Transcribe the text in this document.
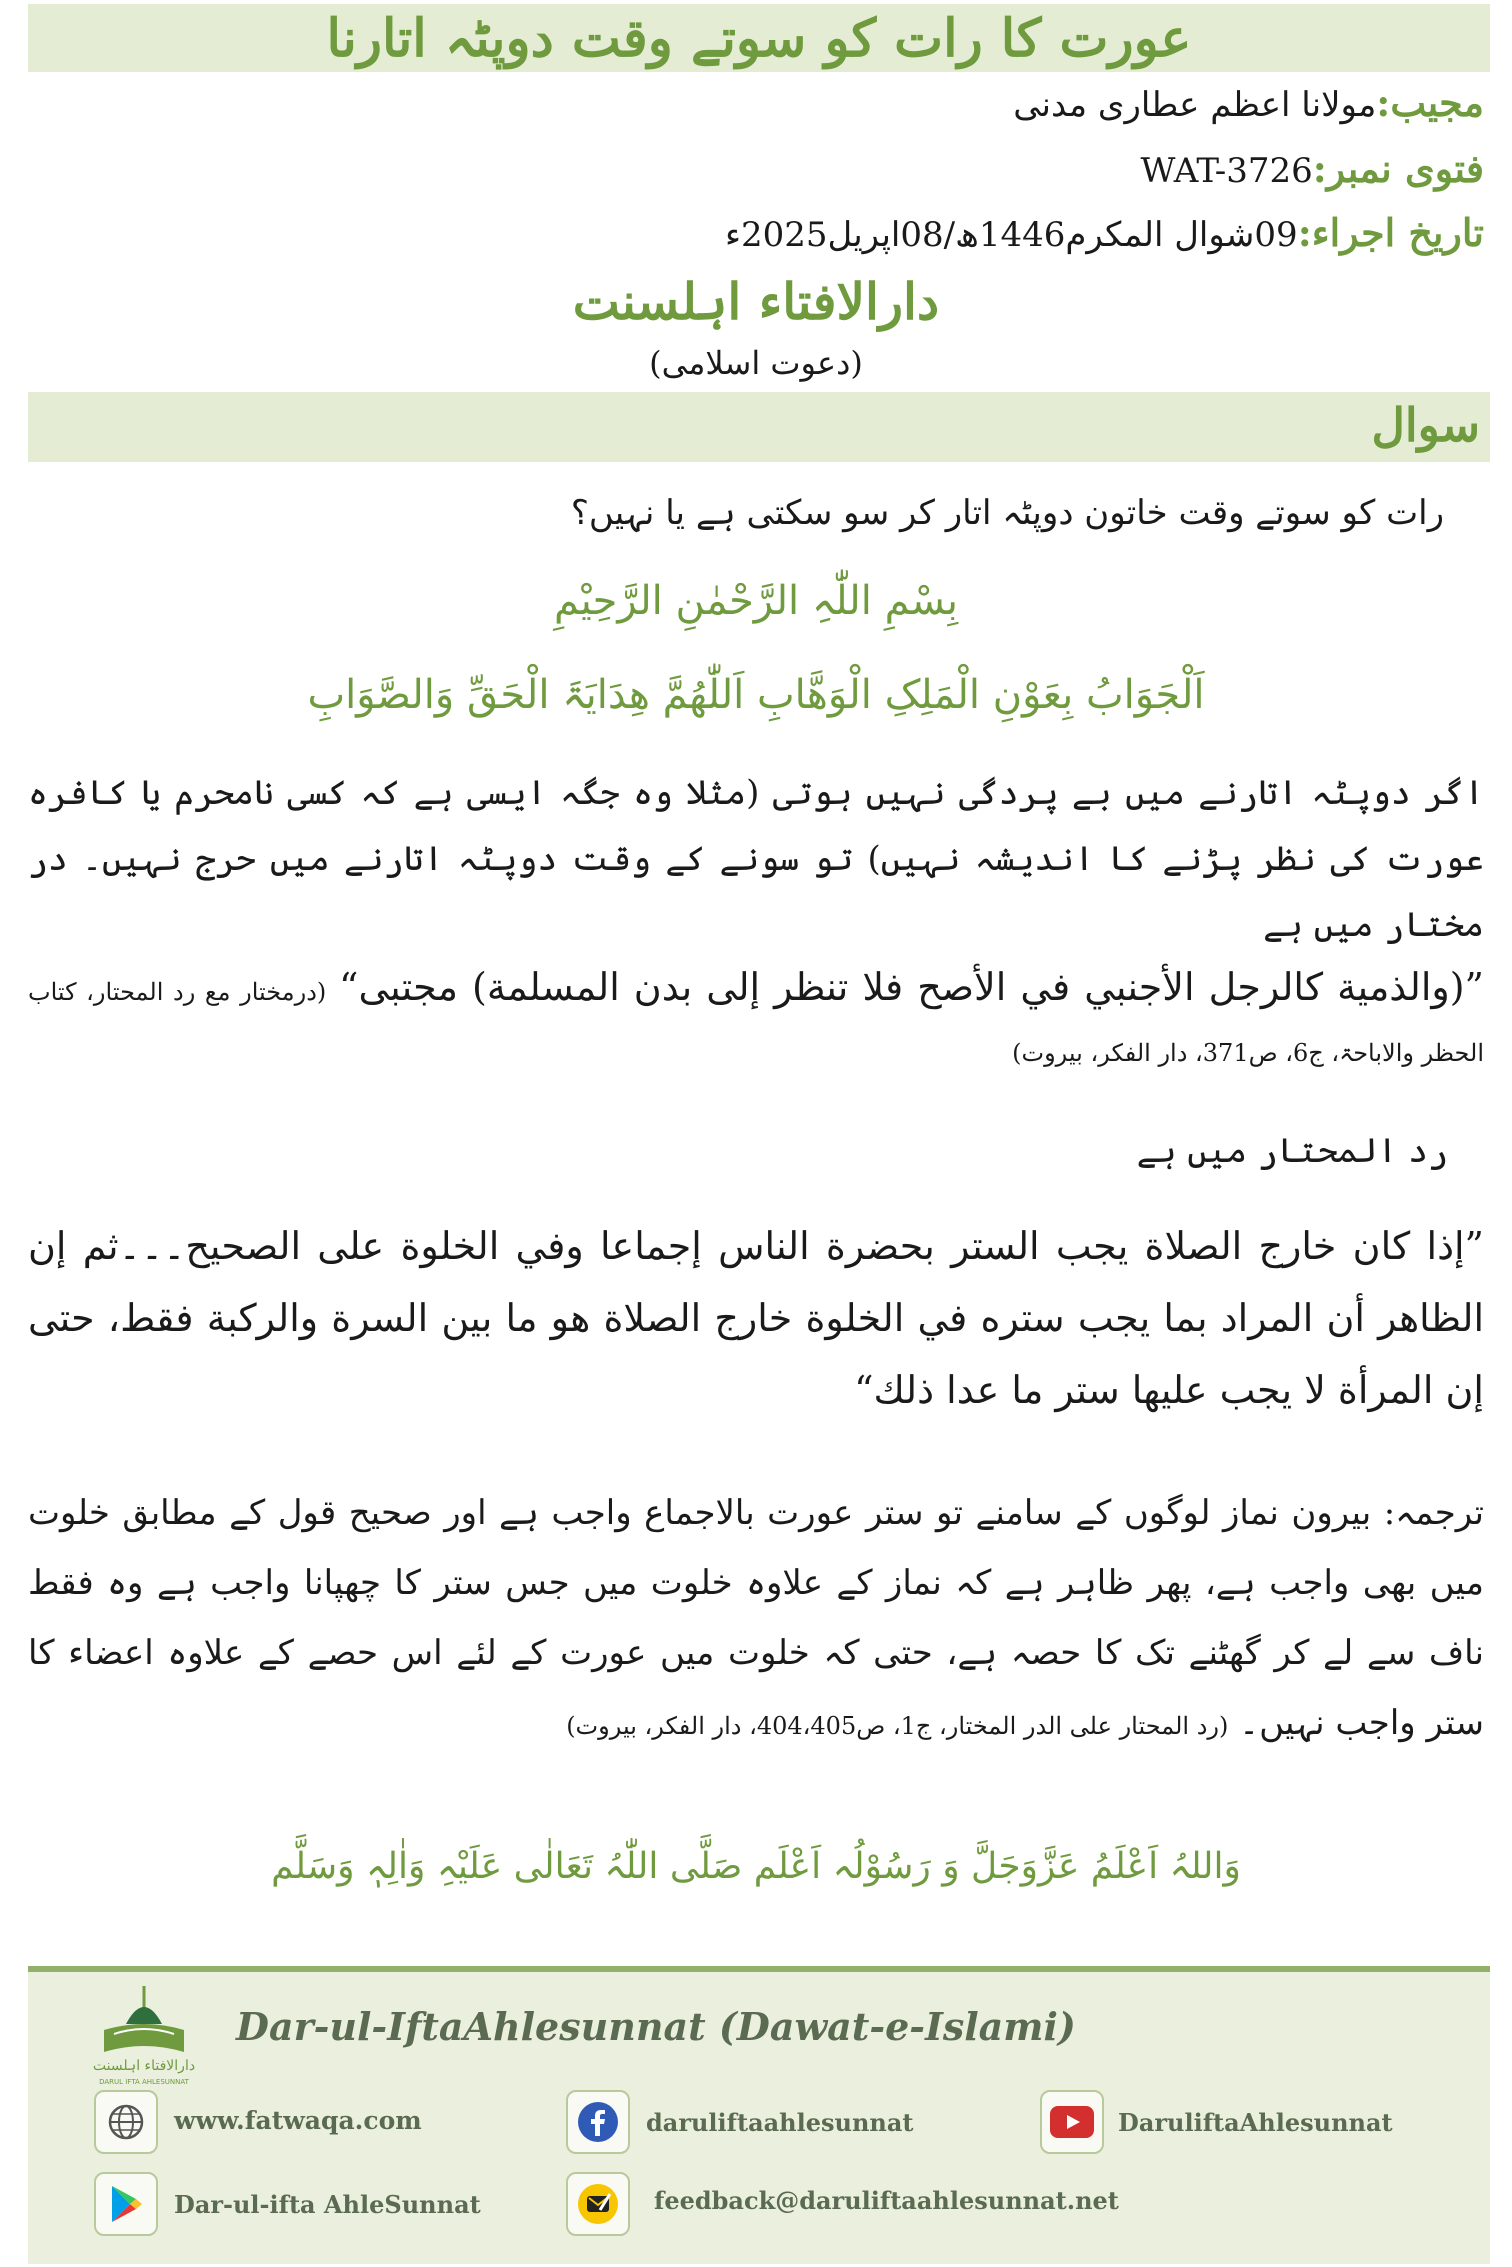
عورت کا رات کو سوتے وقت دوپٹہ اتارنا
مجیب:مولانا اعظم عطاری مدنی
فتوی نمبر:WAT-3726
تاریخ اجراء:09شوال المکرم1446ھ/08اپریل2025ء
دارالافتاء اہلسنت
(دعوت اسلامی)
سوال
رات کو سوتے وقت خاتون دوپٹہ اتار کر سو سکتی ہے یا نہیں؟
بِسْمِ اللّٰہِ الرَّحْمٰنِ الرَّحِیْمِ
اَلْجَوَابُ بِعَوْنِ الْمَلِکِ الْوَھَّابِ اَللّٰھُمَّ ھِدَایَۃَ الْحَقِّ وَالصَّوَابِ
اگر دوپٹہ اتارنے میں بے پردگی نہیں ہوتی (مثلا وہ جگہ ایسی ہے کہ کسی نامحرم یا کافرہ عورت کی نظر پڑنے کا اندیشہ نہیں) تو سونے کے وقت دوپٹہ اتارنے میں حرج نہیں۔ در مختار میں ہے
”(والذمية كالرجل الأجنبي في الأصح فلا تنظر إلى بدن المسلمة) مجتبى“ (درمختار مع رد المحتار، کتاب الحظر والاباحۃ، ج6، ص371، دار الفکر، بیروت)
رد المحتار میں ہے
”إذا كان خارج الصلاة يجب الستر بحضرة الناس إجماعا وفي الخلوة على الصحيح۔۔۔ثم إن الظاهر أن المراد بما يجب ستره في الخلوة خارج الصلاة هو ما بين السرة والركبة فقط، حتى إن المرأة لا يجب عليها ستر ما عدا ذلك“
ترجمہ: بیرون نماز لوگوں کے سامنے تو ستر عورت بالاجماع واجب ہے اور صحیح قول کے مطابق خلوت میں بھی واجب ہے، پھر ظاہر ہے کہ نماز کے علاوہ خلوت میں جس ستر کا چھپانا واجب ہے وہ فقط ناف سے لے کر گھٹنے تک کا حصہ ہے، حتی کہ خلوت میں عورت کے لئے اس حصے کے علاوہ اعضاء کا ستر واجب نہیں۔ (رد المحتار علی الدر المختار، ج1، ص404،405، دار الفکر، بیروت)
وَاللہُ اَعْلَمُ عَزَّوَجَلَّ وَ رَسُوْلُہ اَعْلَم صَلَّی اللّٰہُ تَعَالٰی عَلَیْہِ وَاٰلِہٖ وَسَلَّم
دارالافتاء اہلسنت
DARUL IFTA AHLESUNNAT
Dar-ul-IftaAhlesunnat (Dawat-e-Islami)
www.fatwaqa.com	daruliftaahlesunnat	DaruliftaAhlesunnat
Dar-ul-ifta AhleSunnat	feedback@daruliftaahlesunnat.net
